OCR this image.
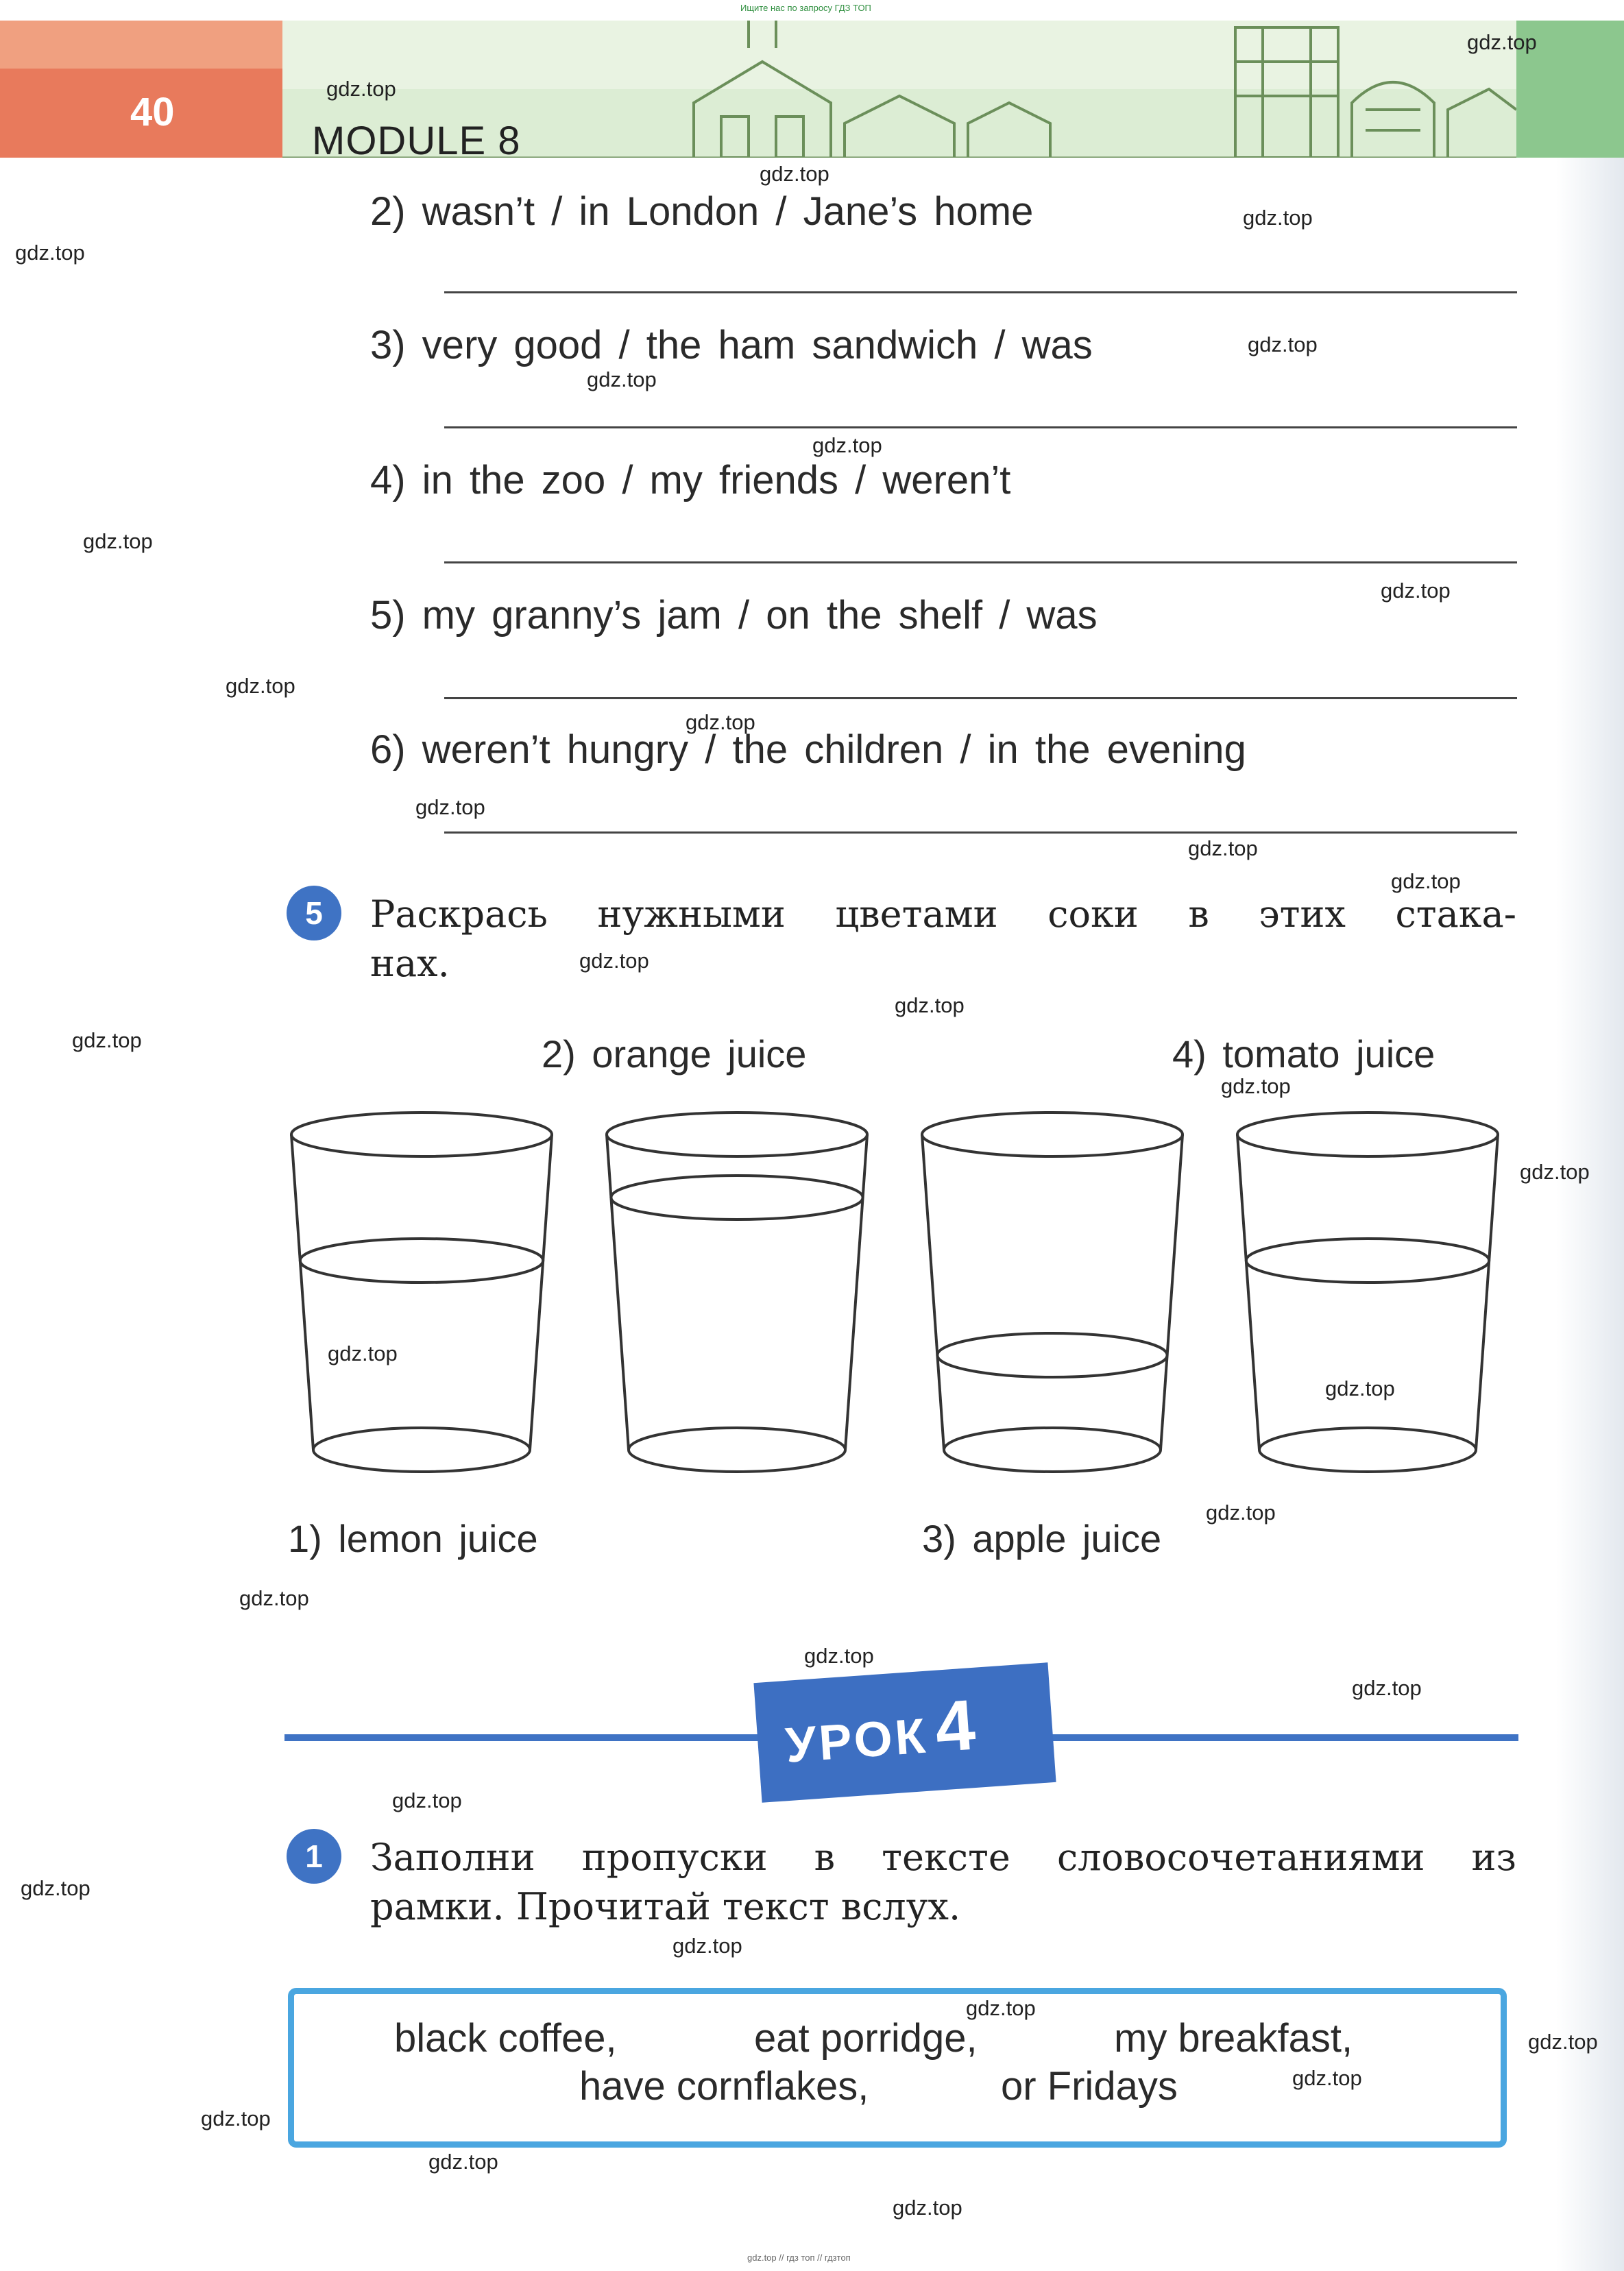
40
MODULE 8
Ищите нас по запросу ГДЗ ТОП
2) wasn’t / in London / Jane’s home
3) very good / the ham sandwich / was
4) in the zoo / my friends / weren’t
5) my granny’s jam / on the shelf / was
6) weren’t hungry / the children / in the evening
5	Раскрась нужными цветами соки в этих стака-
нах.
2) orange juice	4) tomato juice
1) lemon juice	3) apple juice
УРОК4
1	Заполни пропуски в тексте словосочетаниями из
рамки. Прочитай текст вслух.
black coffee,	eat porridge,	my breakfast,
have cornflakes,	or Fridays
gdz.top // гдз топ // гдзтоп
gdz.top
gdz.top
gdz.top
gdz.top
gdz.top
gdz.top
gdz.top
gdz.top
gdz.top
gdz.top
gdz.top
gdz.top
gdz.top
gdz.top
gdz.top
gdz.top
gdz.top
gdz.top
gdz.top
gdz.top
gdz.top
gdz.top
gdz.top
gdz.top
gdz.top
gdz.top
gdz.top
gdz.top
gdz.top
gdz.top
gdz.top
gdz.top
gdz.top
gdz.top
gdz.top
